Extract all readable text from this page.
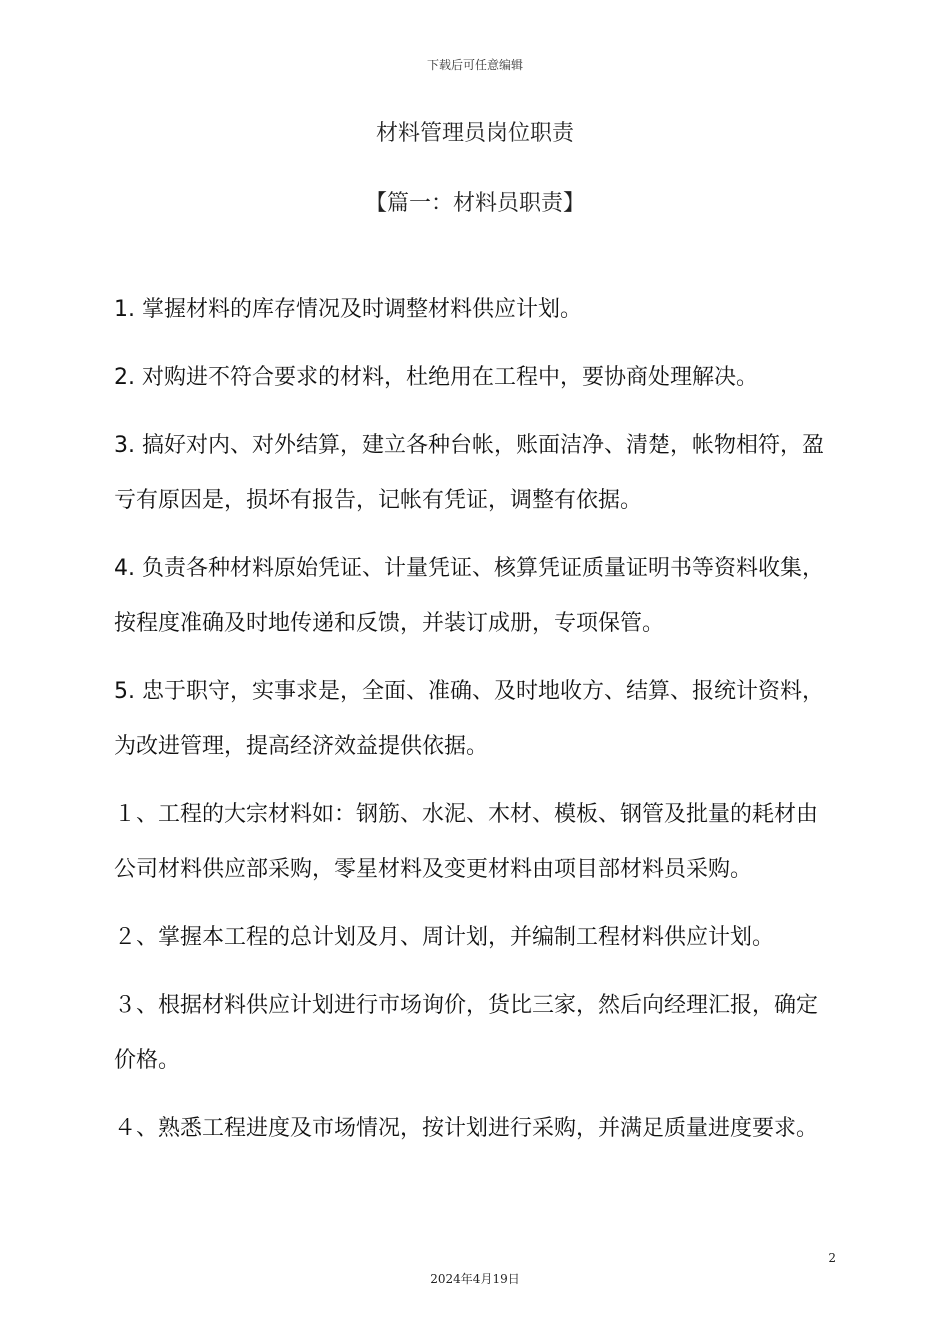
下载后可任意编辑
材料管理员岗位职责
【篇一：材料员职责】

1. 掌握材料的库存情况及时调整材料供应计划。

2. 对购进不符合要求的材料，杜绝用在工程中，要协商处理解决。

3. 搞好对内、对外结算，建立各种台帐，账面洁净、清楚，帐物相符，盈亏有原因是，损坏有报告，记帐有凭证，调整有依据。

4. 负责各种材料原始凭证、计量凭证、核算凭证质量证明书等资料收集，按程度准确及时地传递和反馈，并装订成册，专项保管。

5. 忠于职守，实事求是，全面、准确、及时地收方、结算、报统计资料，为改进管理，提高经济效益提供依据。

１、工程的大宗材料如：钢筋、水泥、木材、模板、钢管及批量的耗材由公司材料供应部采购，零星材料及变更材料由项目部材料员采购。

２、掌握本工程的总计划及月、周计划，并编制工程材料供应计划。

３、根据材料供应计划进行市场询价，货比三家，然后向经理汇报，确定价格。

４、熟悉工程进度及市场情况，按计划进行采购，并满足质量进度要求。

2
2024年4月19日
